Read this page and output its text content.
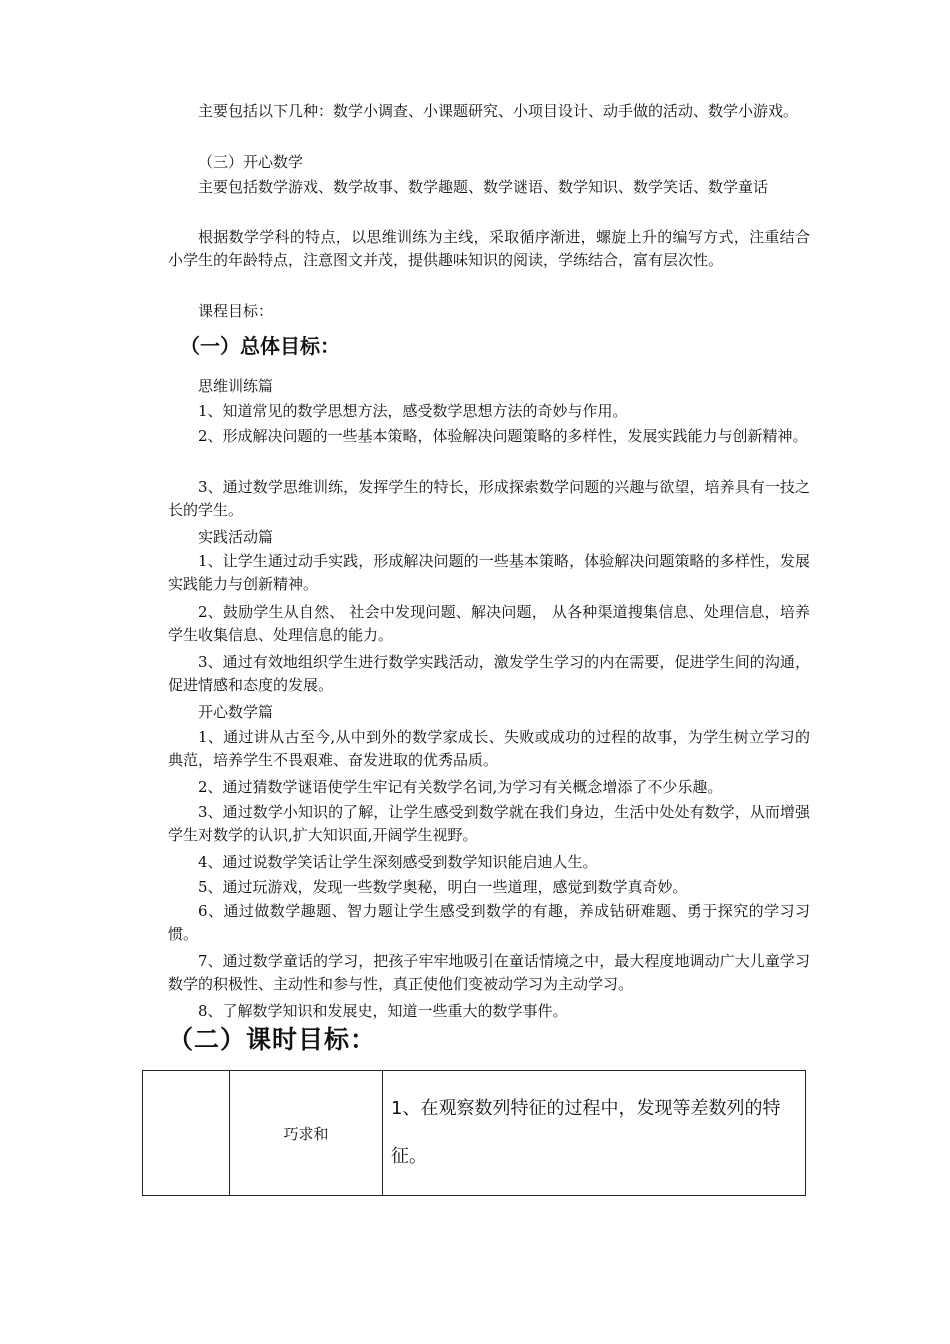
主要包括以下几种：数学小调查、小课题研究、小项目设计、动手做的活动、数学小游戏。

（三）开心数学

主要包括数学游戏、数学故事、数学趣题、数学谜语、数学知识、数学笑话、数学童话

根据数学学科的特点，以思维训练为主线，采取循序渐进，螺旋上升的编写方式，注重结合小学生的年龄特点，注意图文并茂，提供趣味知识的阅读，学练结合，富有层次性。

课程目标：

（一）总体目标：

思维训练篇

1、知道常见的数学思想方法，感受数学思想方法的奇妙与作用。

2、形成解决问题的一些基本策略，体验解决问题策略的多样性，发展实践能力与创新精神。

3、通过数学思维训练，发挥学生的特长，形成探索数学问题的兴趣与欲望，培养具有一技之长的学生。

实践活动篇

1、让学生通过动手实践，形成解决问题的一些基本策略，体验解决问题策略的多样性，发展实践能力与创新精神。

2、鼓励学生从自然、 社会中发现问题、解决问题， 从各种渠道搜集信息、处理信息，培养学生收集信息、处理信息的能力。

3、通过有效地组织学生进行数学实践活动，激发学生学习的内在需要，促进学生间的沟通，促进情感和态度的发展。

开心数学篇

1、通过讲从古至今,从中到外的数学家成长、失败或成功的过程的故事，为学生树立学习的典范，培养学生不畏艰难、奋发进取的优秀品质。

2、通过猜数学谜语使学生牢记有关数学名词,为学习有关概念增添了不少乐趣。

3、通过数学小知识的了解，让学生感受到数学就在我们身边，生活中处处有数学，从而增强学生对数学的认识,扩大知识面,开阔学生视野。

4、通过说数学笑话让学生深刻感受到数学知识能启迪人生。

5、通过玩游戏，发现一些数学奥秘，明白一些道理，感觉到数学真奇妙。

6、通过做数学趣题、智力题让学生感受到数学的有趣，养成钻研难题、勇于探究的学习习惯。

7、通过数学童话的学习，把孩子牢牢地吸引在童话情境之中，最大程度地调动广大儿童学习数学的积极性、主动性和参与性，真正使他们变被动学习为主动学习。

8、了解数学知识和发展史，知道一些重大的数学事件。

（二）课时目标：
	巧求和	1、在观察数列特征的过程中，发现等差数列的特征。
